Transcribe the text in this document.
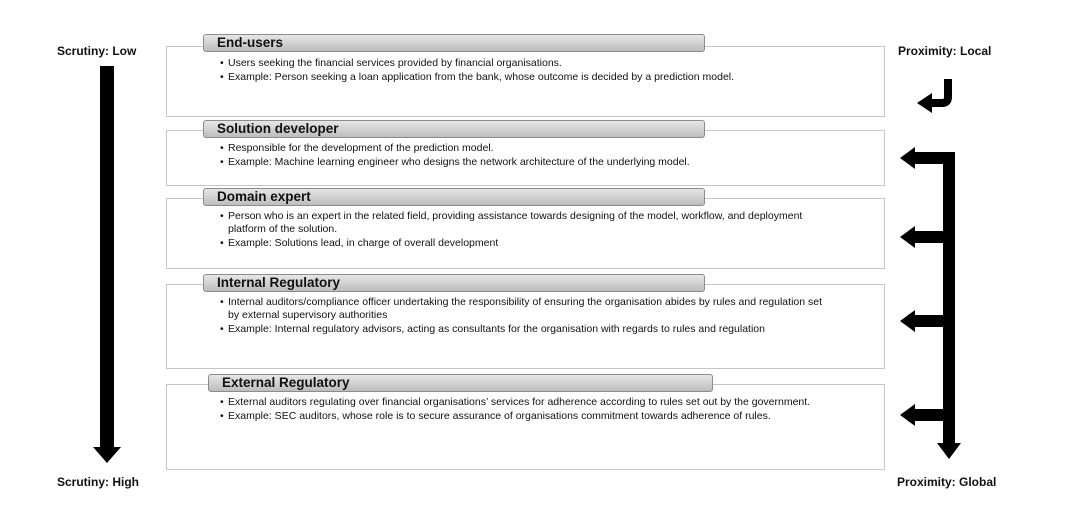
Scrutiny: Low
Scrutiny: High
Proximity: Local
Proximity: Global
End-users
• Users seeking the financial services provided by financial organisations.
• Example: Person seeking a loan application from the bank, whose outcome is decided by a prediction model.
Solution developer
• Responsible for the development of the prediction model.
• Example: Machine learning engineer who designs the network architecture of the underlying model.
Domain expert
• Person who is an expert in the related field, providing assistance towards designing of the model, workflow, and deployment platform of the solution.
• Example: Solutions lead, in charge of overall development
Internal Regulatory
• Internal auditors/compliance officer undertaking the responsibility of ensuring the organisation abides by rules and regulation set by external supervisory authorities
• Example: Internal regulatory advisors, acting as consultants for the organisation with regards to rules and regulation
External Regulatory
• External auditors regulating over financial organisations’ services for adherence according to rules set out by the government.
• Example: SEC auditors, whose role is to secure assurance of organisations commitment towards adherence of rules.
